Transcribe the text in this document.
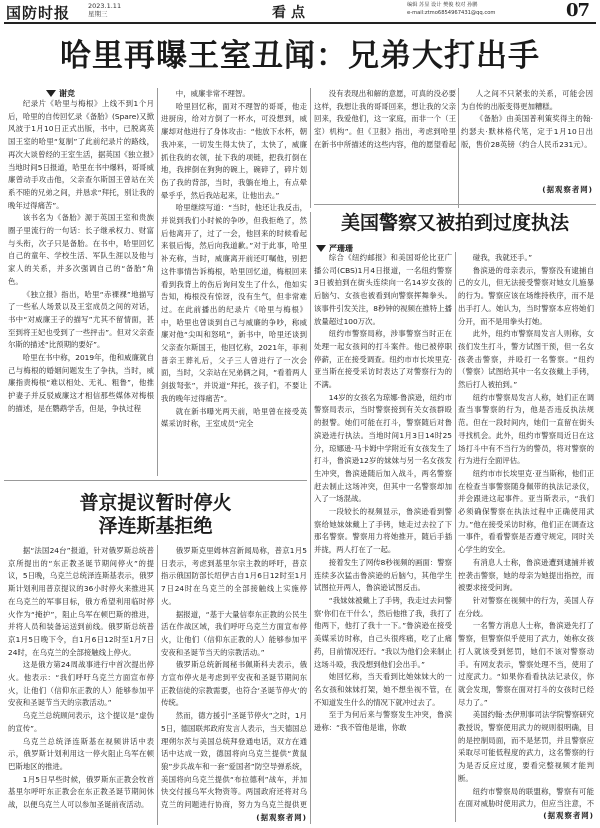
国防时报	2023.1.11
星期三	看点	编辑 苏显 设计 樊俊 校对 孙鹏
e-mail:ztmo6854967431@qq.com	07
哈里再曝王室丑闻：兄弟大打出手
谢竞

纪录片《哈里与梅根》上线不到1个月后，哈里的自传回忆录《备胎》(Spare)又掀风波于1月10日正式出版，书中，已脱离英国王室的哈里“复制”了此前纪录片的路线，再次大谈曾经的王室生活，据英国《独立报》当地时间5日报道，哈里在书中爆料，哥哥威廉曾动手攻击他，父亲查尔斯国王曾站在关系不睦的兄弟之间，并恳求“拜托，别让我的晚年过得痛苦”。

该书名为《备胎》源于英国王室和贵族圈子里流行的一句话：长子继承权力、财富与头衔，次子只是备胎。在书中，哈里回忆自己的童年、学校生活、军队生涯以及他与家人的关系，并多次强调自己的“备胎”角色。

《独立报》指出，哈里“赤裸裸”地描写了一些私人场景以及王室成员之间的对话，书中“对威廉王子的描写”尤其不留情面，甚至到将王妃也受到了一些抨击”。但对父亲查尔斯的描述“比预期的要好”。

哈里在书中称，2019年，他和威廉就自己与梅根的婚姻问题发生了争执，当时，威廉指责梅根“难以相处、无礼、粗鲁”，他推护妻子并反驳威廉这才相信那些媒体对梅根的描述，是在鹦鹉学舌，但是，争执过程

中，威廉非常不理智。

哈里回忆称，面对不理智的哥哥，他走进厨房，给对方倒了一杯水，可没想到，威廉却对他进行了身体攻击：“他放下水杯，朝我冲来，一切发生得太快了，太快了，威廉抓住我的衣领，扯下我的项链，把我打倒在地，我摔倒在狗狗的碗上，碗碎了，碎片划伤了我的背部，当时，我躺在地上，有点晕晕乎乎，然后我站起来，让他出去。”

哈里继续写道：“当时，他还让我反击，并说到我们小时候的争吵，但我拒绝了，然后他离开了，过了一会，他回来的时候看起来很后悔，然后向我道歉。”对于此事，哈里补充称，当时，威廉离开前还叮嘱他，别把这件事情告诉梅根，哈里回忆道，梅根回来看到我背上的伤后询问发生了什么，他如实告知，梅根没有惊讶，没有生气，但非常难过。在此前播出的纪录片《哈里与梅根》中，哈里也曾谈到自己与威廉的争吵，称威廉对他“尖叫和怒吼”，新书中，哈里还谈到父亲查尔斯国王，他回忆称，2021年，菲利普亲王葬礼后，父子三人曾进行了一次会面，当时，父亲站在兄弟俩之间，“看着两人剑拔弩张”，并说道“拜托，孩子们，不要让我的晚年过得痛苦”。

就在新书曝光两天前，哈里曾在接受英媒采访时称，王室成员“完全

没有表现出和解的意愿，可真的没必要这样，我想让我的哥哥回来，想让我的父亲回来，我爱他们，这一家庭，而非一个（王室）机构”。但《卫报》指出，考虑到哈里在新书中所描述的这些内容，他的愿望看起

人之间不只紧张的关系，可能会因为自传的出版变得更加糟糕。

《备胎》由美国普利策奖得主的翰·约瑟夫·默林格代笔，定于1月10日出版，售价28英镑（约合人民币231元）。

(据观察者网)
美国警察又被拍到过度执法
严珊珊

综合《纽约邮报》和美国哥伦比亚广播公司(CBS)1月4日报道，一名纽约警察3日被拍到在街头连续向一名14岁女孩的后脑勺、女孩也被看到向警察挥舞拳头。该事件引发关注，8秒钟的视频在推特上播放量超过100万次。

纽约市警察局称，涉事警察当时正在处理一起女孩间的打斗案件。他已被停职停薪，正在接受调查。纽约市市长埃里克·亚当斯在接受采访时表达了对警察行为的不满。

14岁的女孩名为琼娜·鲁滨逊，纽约市警察局表示，当时警察接到有关女孩群殴的报警。她们可能在打斗，警察随后对鲁滨逊进行执法。当地时间1月3日14时25分，琼娜逊·马卡姆中学附近有女孩发生了打斗，鲁滨逊12岁的妹妹与另一名女孩发生冲突，鲁滨逊随后加入战斗，两名警察赶去制止这场冲突，但其中一名警察却加入了一场混战。

一段较长的视频显示，鲁滨逊看到警察给她妹妹戴上了手铐，她走过去拉了下那名警察。警察用力将她推开，随后手插并拢，两人打在了一起。

接着发生了网传8秒视频的画面：警察连续多次猛击鲁滨逊的后脑勺，其他学生试图拉开两人，鲁滨逊试图反击。

“我妹妹被戴上了手铐，我走过去问警察‘你们在干什么’，然后他推了我，我打了他两下，他打了我十一下。”鲁滨逊在接受美媒采访时称，自己头很疼痛，吃了止痛药，目前情况还行。“我以为他们会来制止这场斗殴，我没想到他们会出手。”

她回忆称，当天看到比她妹妹大的一名女孩和妹妹打架，她不想坐视不管，在不知道发生什么的情况下就冲过去了。

至于为何后来与警察发生冲突，鲁滨逊称：“我不管他是谁，你敢

碰我，我就还手。”

鲁滨逊的母亲表示，警察没有逮捕自己的女儿，但无法接受警察对她女儿施暴的行为。警察应该在场维持秩序，而不是出手打人。她认为，当时警察本应将她们分开，而不是用拳头打她。

此外，纽约市警察局发言人则称，女孩们发生打斗，警方试图干预，但一名女孩袭击警察，并殴打一名警察。“纽约（警察）试图给其中一名女孩戴上手铐，然后打人被拍到。”

纽约市警察局发言人称，她们正在调查当事警察的行为，他是否违反执法规范。但在一段时间内，她们一直留在街头寻找机会。此外，纽约市警察局近日在这场打斗中有不当行为的警员，将对警察的行为进行全面评估。

纽约市市长埃里克·亚当斯称，他们正在检查当事警察随身佩带的执法记录仪，并会跟进这起事件。亚当斯表示，“我们必须确保警察在执法过程中正确使用武力。”他在接受采访时称，他们正在调查这一事件，看看警察是否遵守规定，同时关心学生的安全。

有消息人士称，鲁滨逊遭到逮捕并被控袭击警察，她的母亲为她提出指控，而被要求接受问询。

针对警察在视频中的行为，美国人存在分歧。

一名警方消息人士称，鲁滨逊先打了警察，但警察似乎使用了武力，她称女孩打人就该受到惩罚，她们不该对警察动手。有网友表示，警察处理不当，使用了过度武力。“如果你看看执法记录仪，你就会发现，警察在面对打斗的女孩时已经尽力了。”

美国约翰·杰伊刑事司法学院警察研究教授说，警察使用武力的规则很明确，目的是控制局面，而不是惩罚，并且警察应采取尽可能低程度的武力，这名警察的行为是否反应过度，要看完整视频才能判断。

纽约市警察局的联盟称，警察有可能在面对威胁时使用武力，但应当注意，不

(据观察者网)
普京提议暂时停火
泽连斯基拒绝

据“法国24台”报道，针对俄罗斯总统普京所提出的“东正教圣诞节期间停火”的提议，5日晚，乌克兰总统泽连斯基表示，俄罗斯计划利用普京提议的36小时停火来推进其在乌克兰的军事目标，俄方希望利用临时停火作为“掩护”，阻止乌军在顿巴斯的推进，并将人员和装备运送到前线。俄罗斯总统普京1月5日晚下令，自1月6日12时至1月7日24时，在乌克兰的全部接触线上停火。

这是俄方第24周战事进行中首次提出停火。他表示：“我们呼吁乌克兰方面宣布停火，让他们（信仰东正教的人）能够参加平安夜和圣诞节当天的宗教活动。”

乌克兰总统顾问表示，这个提议是“虚伪的宣传”。

乌克兰总统泽连斯基在视频讲话中表示，俄罗斯计划利用这一停火阻止乌军在顿巴斯地区的推进。

1月5日早些时候，俄罗斯东正教会牧首基里尔呼吁东正教会在东正教圣诞节期间休战，以便乌克兰人可以参加圣诞前夜活动。

俄罗斯克里姆林宫新闻局称，普京1月5日表示，考虑到基里尔宗主教的呼吁，普京指示俄国防部长绍伊古自1月6日12时至1月7日24时在乌克兰的全部接触线上实施停火。

据报道，“基于大量信奉东正教的公民生活在作战区域，我们呼吁乌克兰方面宣布停火，让他们（信仰东正教的人）能够参加平安夜和圣诞节当天的宗教活动。”

俄罗斯总统新闻秘书佩斯科夫表示，俄方宣布停火是考虑到平安夜和圣诞节期间东正教信徒的宗教需要，也符合‘圣诞节停火’的传统。

然而，德方援引“圣诞节停火”之时，1月5日，德国联邦政府发言人表示，当天德国总理朔尔茨与美国总统拜登通电话，双方在通话中达成一致，德国将向乌克兰提供“黄鼠狼”步兵战车和一套“爱国者”防空导弹系统，美国将向乌克兰提供“布拉德利”战车，并加快交付援乌军火物资等。两国政府还将对乌克兰的问题进行协商，努力为乌克兰提供更

(据观察者网)
